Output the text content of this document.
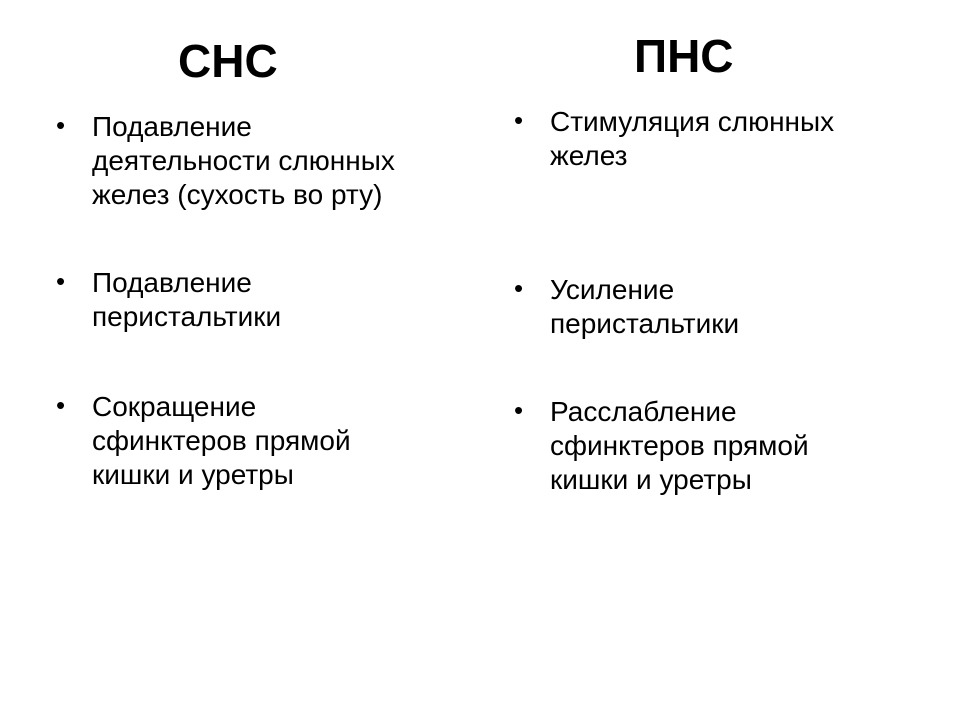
СНС	ПНС
• Подавление
деятельности слюнных
желез (сухость во рту)
• Подавление
перистальтики
• Сокращение
сфинктеров прямой
кишки и уретры
• Стимуляция слюнных
желез
• Усиление
перистальтики
• Расслабление
сфинктеров прямой
кишки и уретры
